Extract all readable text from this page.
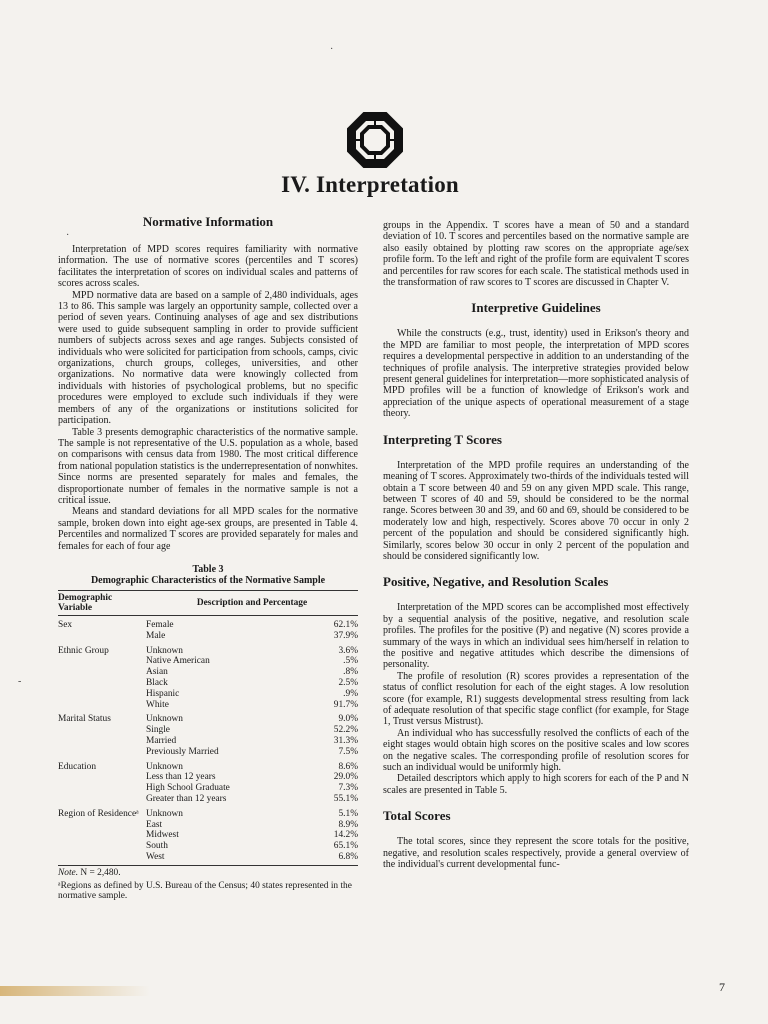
·
·
-
IV. Interpretation
Normative Information

Interpretation of MPD scores requires familiarity with normative information. The use of normative scores (percentiles and T scores) facilitates the interpretation of scores on individual scales and patterns of scores across scales.

MPD normative data are based on a sample of 2,480 individuals, ages 13 to 86. This sample was largely an opportunity sample, collected over a period of seven years. Continuing analyses of age and sex distributions were used to guide subsequent sampling in order to provide sufficient numbers of subjects across sexes and age ranges. Subjects consisted of individuals who were solicited for participation from schools, camps, civic organizations, church groups, colleges, universities, and other organizations. No normative data were knowingly collected from individuals with histories of psychological problems, but no specific procedures were employed to exclude such individuals if they were members of any of the organizations or institutions solicited for participation.

Table 3 presents demographic characteristics of the normative sample. The sample is not representative of the U.S. population as a whole, based on comparisons with census data from 1980. The most critical difference from national population statistics is the underrepresentation of nonwhites. Since norms are presented separately for males and females, the disproportionate number of females in the normative sample is not a critical issue.

Means and standard deviations for all MPD scales for the normative sample, broken down into eight age-sex groups, are presented in Table 4. Percentiles and normalized T scores are provided separately for males and females for each of four age

Table 3
Demographic Characteristics of the Normative Sample
Demographic Variable	Description and Percentage	
Sex	Female	62.1%
	Male	37.9%
Ethnic Group	Unknown	3.6%
	Native American	.5%
	Asian	.8%
	Black	2.5%
	Hispanic	.9%
	White	91.7%
Marital Status	Unknown	9.0%
	Single	52.2%
	Married	31.3%
	Previously Married	7.5%
Education	Unknown	8.6%
	Less than 12 years	29.0%
	High School Graduate	7.3%
	Greater than 12 years	55.1%
Region of Residenceᵃ	Unknown	5.1%
	East	8.9%
	Midwest	14.2%
	South	65.1%
	West	6.8%
Note. N = 2,480.
ᵃRegions as defined by U.S. Bureau of the Census; 40 states represented in the normative sample.

groups in the Appendix. T scores have a mean of 50 and a standard deviation of 10. T scores and percentiles based on the normative sample are also easily obtained by plotting raw scores on the appropriate age/sex profile form. To the left and right of the profile form are equivalent T scores and percentiles for raw scores for each scale. The statistical methods used in the transformation of raw scores to T scores are discussed in Chapter V.

Interpretive Guidelines

While the constructs (e.g., trust, identity) used in Erikson's theory and the MPD are familiar to most people, the interpretation of MPD scores requires a developmental perspective in addition to an understanding of the techniques of profile analysis. The interpretive strategies provided below present general guidelines for interpretation—more sophisticated analysis of MPD profiles will be a function of knowledge of Erikson's work and appreciation of the unique aspects of operational measurement of a stage theory.

Interpreting T Scores

Interpretation of the MPD profile requires an understanding of the meaning of T scores. Approximately two-thirds of the individuals tested will obtain a T score between 40 and 59 on any given MPD scale. This range, between T scores of 40 and 59, should be considered to be the normal range. Scores between 30 and 39, and 60 and 69, should be considered to be moderately low and high, respectively. Scores above 70 occur in only 2 percent of the population and should be considered significantly high. Similarly, scores below 30 occur in only 2 percent of the population and should be considered significantly low.

Positive, Negative, and Resolution Scales

Interpretation of the MPD scores can be accomplished most effectively by a sequential analysis of the positive, negative, and resolution scale profiles. The profiles for the positive (P) and negative (N) scores provide a summary of the ways in which an individual sees him/herself in relation to the positive and negative attitudes which describe the dimensions of personality.

The profile of resolution (R) scores provides a representation of the status of conflict resolution for each of the eight stages. A low resolution score (for example, R1) suggests developmental stress resulting from lack of adequate resolution of that specific stage conflict (for example, for Stage 1, Trust versus Mistrust).

An individual who has successfully resolved the conflicts of each of the eight stages would obtain high scores on the positive scales and low scores on the negative scales. The corresponding profile of resolution scores for such an individual would be uniformly high.

Detailed descriptors which apply to high scorers for each of the P and N scales are presented in Table 5.

Total Scores

The total scores, since they represent the score totals for the positive, negative, and resolution scales respectively, provide a general overview of the individual's current developmental func-

7
